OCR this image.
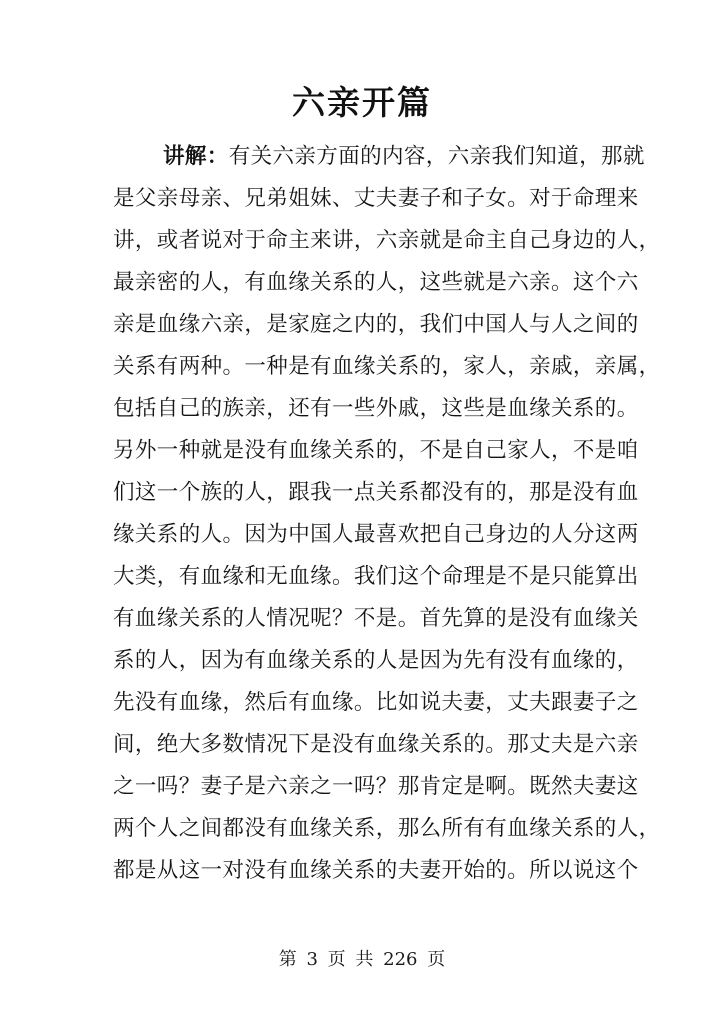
六亲开篇
讲解：有关六亲方面的内容，六亲我们知道，那就
是父亲母亲、兄弟姐妹、丈夫妻子和子女。对于命理来
讲，或者说对于命主来讲，六亲就是命主自己身边的人，
最亲密的人，有血缘关系的人，这些就是六亲。这个六
亲是血缘六亲，是家庭之内的，我们中国人与人之间的
关系有两种。一种是有血缘关系的，家人，亲戚，亲属，
包括自己的族亲，还有一些外戚，这些是血缘关系的。
另外一种就是没有血缘关系的，不是自己家人，不是咱
们这一个族的人，跟我一点关系都没有的，那是没有血
缘关系的人。因为中国人最喜欢把自己身边的人分这两
大类，有血缘和无血缘。我们这个命理是不是只能算出
有血缘关系的人情况呢？不是。首先算的是没有血缘关
系的人，因为有血缘关系的人是因为先有没有血缘的，
先没有血缘，然后有血缘。比如说夫妻，丈夫跟妻子之
间，绝大多数情况下是没有血缘关系的。那丈夫是六亲
之一吗？妻子是六亲之一吗？那肯定是啊。既然夫妻这
两个人之间都没有血缘关系，那么所有有血缘关系的人，
都是从这一对没有血缘关系的夫妻开始的。所以说这个
第 3 页 共 226 页
